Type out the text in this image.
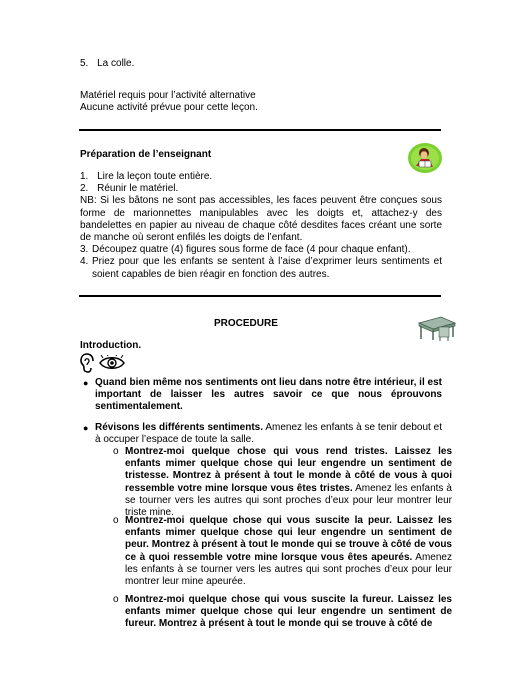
5. La colle.
Matériel requis pour l’activité alternative
Aucune activité prévue pour cette leçon.
Préparation de l’enseignant
1. Lire la leçon toute entière.
2. Réunir le matériel.

NB: Si les bâtons ne sont pas accessibles, les faces peuvent être conçues sous forme de marionnettes manipulables avec les doigts et, attachez-y des bandelettes en papier au niveau de chaque côté desdites faces créant une sorte de manche où seront enfilés les doigts de l’enfant.

3. Découpez quatre (4) figures sous forme de face (4 pour chaque enfant).
4. Priez pour que les enfants se sentent à l’aise d’exprimer leurs sentiments et soient capables de bien réagir en fonction des autres.
PROCEDURE
Introduction.
● Quand bien même nos sentiments ont lieu dans notre être intérieur, il est important de laisser les autres savoir ce que nous éprouvons sentimentalement.

● Révisons les différents sentiments. Amenez les enfants à se tenir debout et à occuper l’espace de toute la salle.

o Montrez-moi quelque chose qui vous rend tristes. Laissez les enfants mimer quelque chose qui leur engendre un sentiment de tristesse. Montrez à présent à tout le monde à côté de vous à quoi ressemble votre mine lorsque vous êtes tristes. Amenez les enfants à se tourner vers les autres qui sont proches d’eux pour leur montrer leur triste mine.

o Montrez-moi quelque chose qui vous suscite la peur. Laissez les enfants mimer quelque chose qui leur engendre un sentiment de peur. Montrez à présent à tout le monde qui se trouve à côté de vous ce à quoi ressemble votre mine lorsque vous êtes apeurés. Amenez les enfants à se tourner vers les autres qui sont proches d’eux pour leur montrer leur mine apeurée.

o Montrez-moi quelque chose qui vous suscite la fureur. Laissez les enfants mimer quelque chose qui leur engendre un sentiment de fureur. Montrez à présent à tout le monde qui se trouve à côté de
